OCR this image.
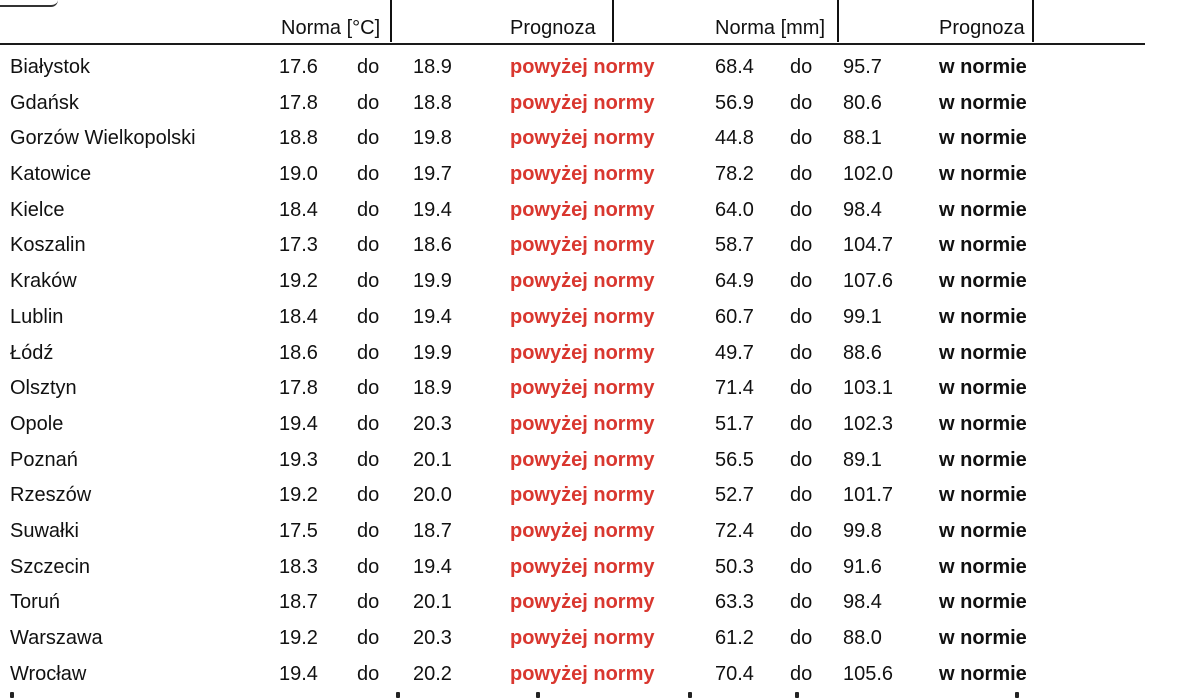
Norma [°C]	Prognoza	Norma [mm]	Prognoza
Białystok	17.6 do 18.9	powyżej normy	68.4 do 95.7	w normie
Gdańsk	17.8 do 18.8	powyżej normy	56.9 do 80.6	w normie
Gorzów Wielkopolski	18.8 do 19.8	powyżej normy	44.8 do 88.1	w normie
Katowice	19.0 do 19.7	powyżej normy	78.2 do 102.0 w normie
Kielce	18.4 do 19.4	powyżej normy	64.0 do 98.4	w normie
Koszalin	17.3 do 18.6	powyżej normy	58.7 do 104.7 w normie
Kraków	19.2 do 19.9	powyżej normy	64.9 do 107.6 w normie
Lublin	18.4 do 19.4	powyżej normy	60.7 do 99.1	w normie
Łódź	18.6 do 19.9	powyżej normy	49.7 do 88.6	w normie
Olsztyn	17.8 do 18.9	powyżej normy	71.4 do 103.1 w normie
Opole	19.4 do 20.3	powyżej normy	51.7 do 102.3 w normie
Poznań	19.3 do 20.1	powyżej normy	56.5 do 89.1	w normie
Rzeszów	19.2 do 20.0	powyżej normy	52.7 do 101.7 w normie
Suwałki	17.5 do 18.7	powyżej normy	72.4 do 99.8	w normie
Szczecin	18.3 do 19.4	powyżej normy	50.3 do 91.6	w normie
Toruń	18.7 do 20.1	powyżej normy	63.3 do 98.4	w normie
Warszawa	19.2 do 20.3	powyżej normy	61.2 do 88.0	w normie
Wrocław	19.4 do 20.2	powyżej normy	70.4 do 105.6 w normie
